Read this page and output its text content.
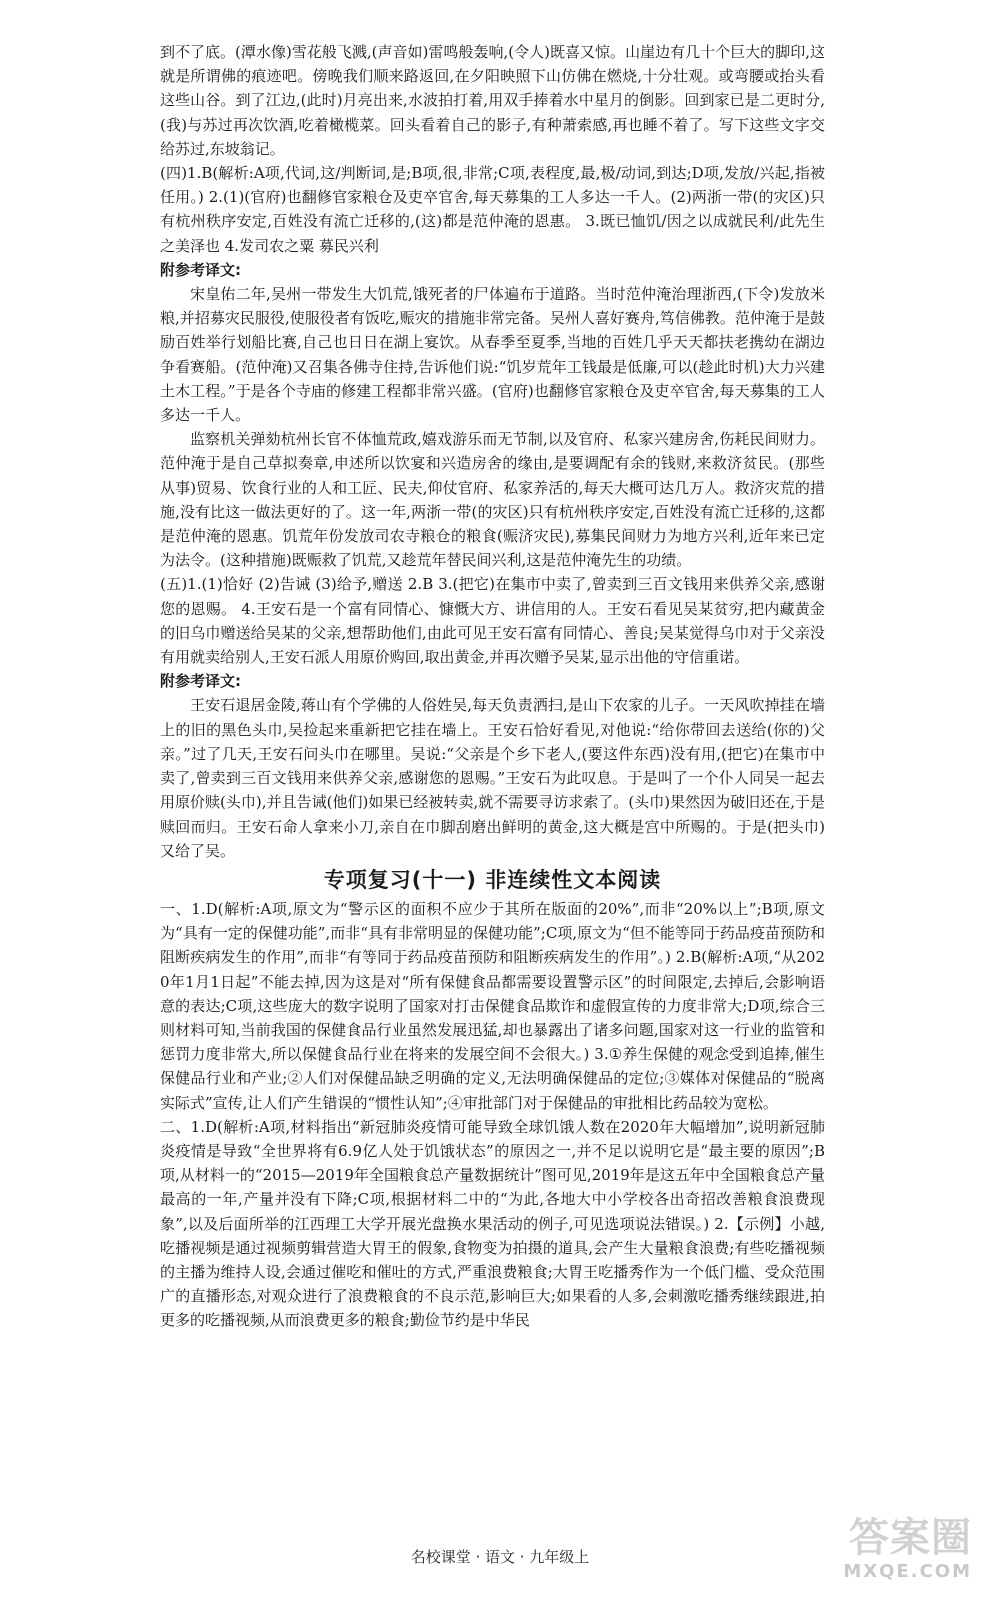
到不了底。(潭水像)雪花般飞溅,(声音如)雷鸣般轰响,(令人)既喜又惊。山崖边有几十个巨大的脚印,这就是所谓佛的痕迹吧。傍晚我们顺来路返回,在夕阳映照下山仿佛在燃烧,十分壮观。或弯腰或抬头看这些山谷。到了江边,(此时)月亮出来,水波拍打着,用双手捧着水中星月的倒影。回到家已是二更时分,(我)与苏过再次饮酒,吃着橄榄菜。回头看着自己的影子,有种萧索感,再也睡不着了。写下这些文字交给苏过,东坡翁记。

(四)1.B(解析:A项,代词,这/判断词,是;B项,很,非常;C项,表程度,最,极/动词,到达;D项,发放/兴起,指被任用。) 2.(1)(官府)也翻修官家粮仓及吏卒官舍,每天募集的工人多达一千人。(2)两浙一带(的灾区)只有杭州秩序安定,百姓没有流亡迁移的,(这)都是范仲淹的恩惠。 3.既已恤饥/因之以成就民利/此先生之美泽也 4.发司农之粟 募民兴利

附参考译文:

宋皇佑二年,吴州一带发生大饥荒,饿死者的尸体遍布于道路。当时范仲淹治理浙西,(下令)发放米粮,并招募灾民服役,使服役者有饭吃,赈灾的措施非常完备。吴州人喜好赛舟,笃信佛教。范仲淹于是鼓励百姓举行划船比赛,自己也日日在湖上宴饮。从春季至夏季,当地的百姓几乎天天都扶老携幼在湖边争看赛船。(范仲淹)又召集各佛寺住持,告诉他们说:“饥岁荒年工钱最是低廉,可以(趁此时机)大力兴建土木工程。”于是各个寺庙的修建工程都非常兴盛。(官府)也翻修官家粮仓及吏卒官舍,每天募集的工人多达一千人。

监察机关弹劾杭州长官不体恤荒政,嬉戏游乐而无节制,以及官府、私家兴建房舍,伤耗民间财力。范仲淹于是自己草拟奏章,申述所以饮宴和兴造房舍的缘由,是要调配有余的钱财,来救济贫民。(那些从事)贸易、饮食行业的人和工匠、民夫,仰仗官府、私家养活的,每天大概可达几万人。救济灾荒的措施,没有比这一做法更好的了。这一年,两浙一带(的灾区)只有杭州秩序安定,百姓没有流亡迁移的,这都是范仲淹的恩惠。饥荒年份发放司农寺粮仓的粮食(赈济灾民),募集民间财力为地方兴利,近年来已定为法令。(这种措施)既赈救了饥荒,又趁荒年替民间兴利,这是范仲淹先生的功绩。

(五)1.(1)恰好 (2)告诫 (3)给予,赠送 2.B 3.(把它)在集市中卖了,曾卖到三百文钱用来供养父亲,感谢您的恩赐。 4.王安石是一个富有同情心、慷慨大方、讲信用的人。王安石看见吴某贫穷,把内藏黄金的旧乌巾赠送给吴某的父亲,想帮助他们,由此可见王安石富有同情心、善良;吴某觉得乌巾对于父亲没有用就卖给别人,王安石派人用原价购回,取出黄金,并再次赠予吴某,显示出他的守信重诺。

附参考译文:

王安石退居金陵,蒋山有个学佛的人俗姓吴,每天负责洒扫,是山下农家的儿子。一天风吹掉挂在墙上的旧的黑色头巾,吴捡起来重新把它挂在墙上。王安石恰好看见,对他说:“给你带回去送给(你的)父亲。”过了几天,王安石问头巾在哪里。吴说:“父亲是个乡下老人,(要这件东西)没有用,(把它)在集市中卖了,曾卖到三百文钱用来供养父亲,感谢您的恩赐。”王安石为此叹息。于是叫了一个仆人同吴一起去用原价赎(头巾),并且告诫(他们)如果已经被转卖,就不需要寻访求索了。(头巾)果然因为破旧还在,于是赎回而归。王安石命人拿来小刀,亲自在巾脚刮磨出鲜明的黄金,这大概是宫中所赐的。于是(把头巾)又给了吴。

专项复习(十一) 非连续性文本阅读

一、1.D(解析:A项,原文为“警示区的面积不应少于其所在版面的20%”,而非“20%以上”;B项,原文为“具有一定的保健功能”,而非“具有非常明显的保健功能”;C项,原文为“但不能等同于药品疫苗预防和阻断疾病发生的作用”,而非“有等同于药品疫苗预防和阻断疾病发生的作用”。) 2.B(解析:A项,“从2020年1月1日起”不能去掉,因为这是对“所有保健食品都需要设置警示区”的时间限定,去掉后,会影响语意的表达;C项,这些庞大的数字说明了国家对打击保健食品欺诈和虚假宣传的力度非常大;D项,综合三则材料可知,当前我国的保健食品行业虽然发展迅猛,却也暴露出了诸多问题,国家对这一行业的监管和惩罚力度非常大,所以保健食品行业在将来的发展空间不会很大。) 3.①养生保健的观念受到追捧,催生保健品行业和产业;②人们对保健品缺乏明确的定义,无法明确保健品的定位;③媒体对保健品的“脱离实际式”宣传,让人们产生错误的“惯性认知”;④审批部门对于保健品的审批相比药品较为宽松。

二、1.D(解析:A项,材料指出“新冠肺炎疫情可能导致全球饥饿人数在2020年大幅增加”,说明新冠肺炎疫情是导致“全世界将有6.9亿人处于饥饿状态”的原因之一,并不足以说明它是“最主要的原因”;B项,从材料一的“2015—2019年全国粮食总产量数据统计”图可见,2019年是这五年中全国粮食总产量最高的一年,产量并没有下降;C项,根据材料二中的“为此,各地大中小学校各出奇招改善粮食浪费现象”,以及后面所举的江西理工大学开展光盘换水果活动的例子,可见选项说法错误。) 2.【示例】小越,吃播视频是通过视频剪辑营造大胃王的假象,食物变为拍摄的道具,会产生大量粮食浪费;有些吃播视频的主播为维持人设,会通过催吃和催吐的方式,严重浪费粮食;大胃王吃播秀作为一个低门槛、受众范围广的直播形态,对观众进行了浪费粮食的不良示范,影响巨大;如果看的人多,会刺激吃播秀继续跟进,拍更多的吃播视频,从而浪费更多的粮食;勤俭节约是中华民

名校课堂 · 语文 · 九年级上	答案圈
MXQE.COM
